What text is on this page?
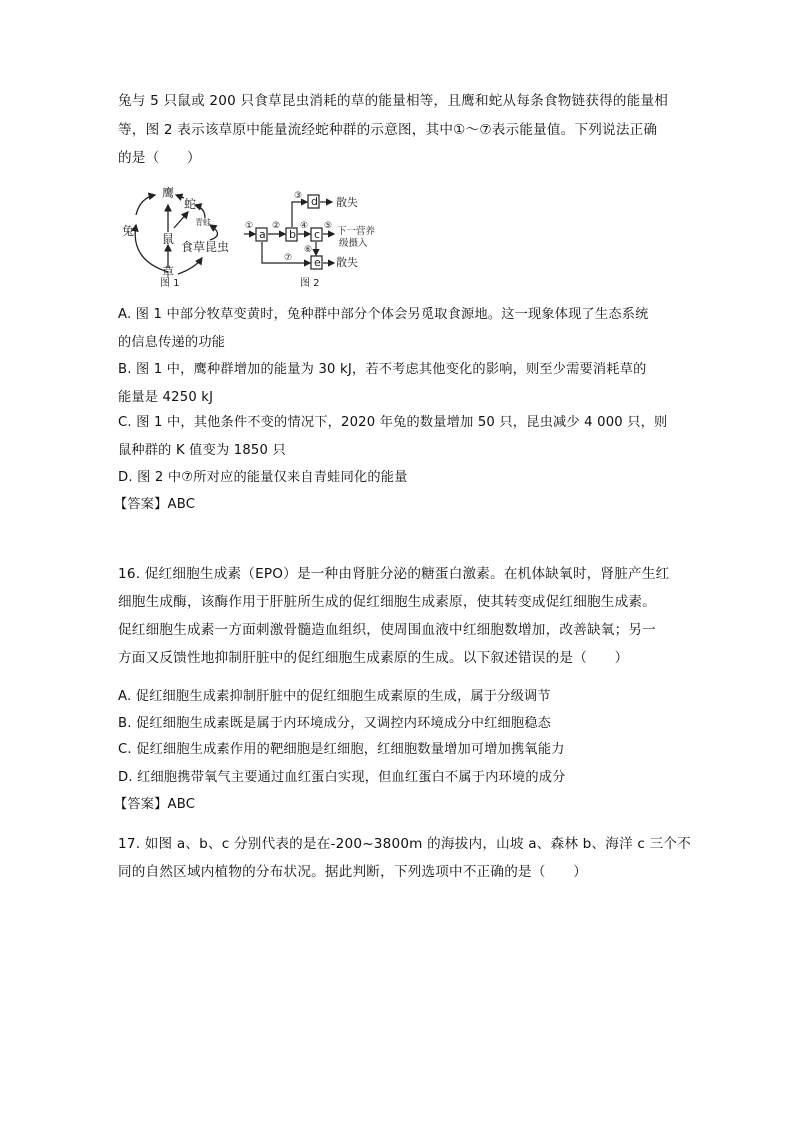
兔与 5 只鼠或 200 只食草昆虫消耗的草的能量相等，且鹰和蛇从每条食物链获得的能量相
等，图 2 表示该草原中能量流经蛇种群的示意图，其中①～⑦表示能量值。下列说法正确
的是（　　）
鹰
蛇
青蛙
兔
鼠
食草昆虫
草
图 1
a b
d
c
e
① ②
③
④ ⑤
⑥
⑦
散失
散失
下一营养
级摄入
图 2
A. 图 1 中部分牧草变黄时，兔种群中部分个体会另觅取食源地。这一现象体现了生态系统
的信息传递的功能
B. 图 1 中，鹰种群增加的能量为 30 kJ，若不考虑其他变化的影响，则至少需要消耗草的
能量是 4250 kJ
C. 图 1 中，其他条件不变的情况下，2020 年兔的数量增加 50 只，昆虫减少 4 000 只，则
鼠种群的 K 值变为 1850 只
D. 图 2 中⑦所对应的能量仅来自青蛙同化的能量
【答案】ABC
16. 促红细胞生成素（EPO）是一种由肾脏分泌的糖蛋白激素。在机体缺氧时，肾脏产生红
细胞生成酶，该酶作用于肝脏所生成的促红细胞生成素原，使其转变成促红细胞生成素。
促红细胞生成素一方面刺激骨髓造血组织，使周围血液中红细胞数增加，改善缺氧；另一
方面又反馈性地抑制肝脏中的促红细胞生成素原的生成。以下叙述错误的是（　　）
A. 促红细胞生成素抑制肝脏中的促红细胞生成素原的生成，属于分级调节
B. 促红细胞生成素既是属于内环境成分，又调控内环境成分中红细胞稳态
C. 促红细胞生成素作用的靶细胞是红细胞，红细胞数量增加可增加携氧能力
D. 红细胞携带氧气主要通过血红蛋白实现，但血红蛋白不属于内环境的成分
【答案】ABC
17. 如图 a、b、c 分别代表的是在-200~3800m 的海拔内，山坡 a、森林 b、海洋 c 三个不
同的自然区域内植物的分布状况。据此判断，下列选项中不正确的是（　　）
